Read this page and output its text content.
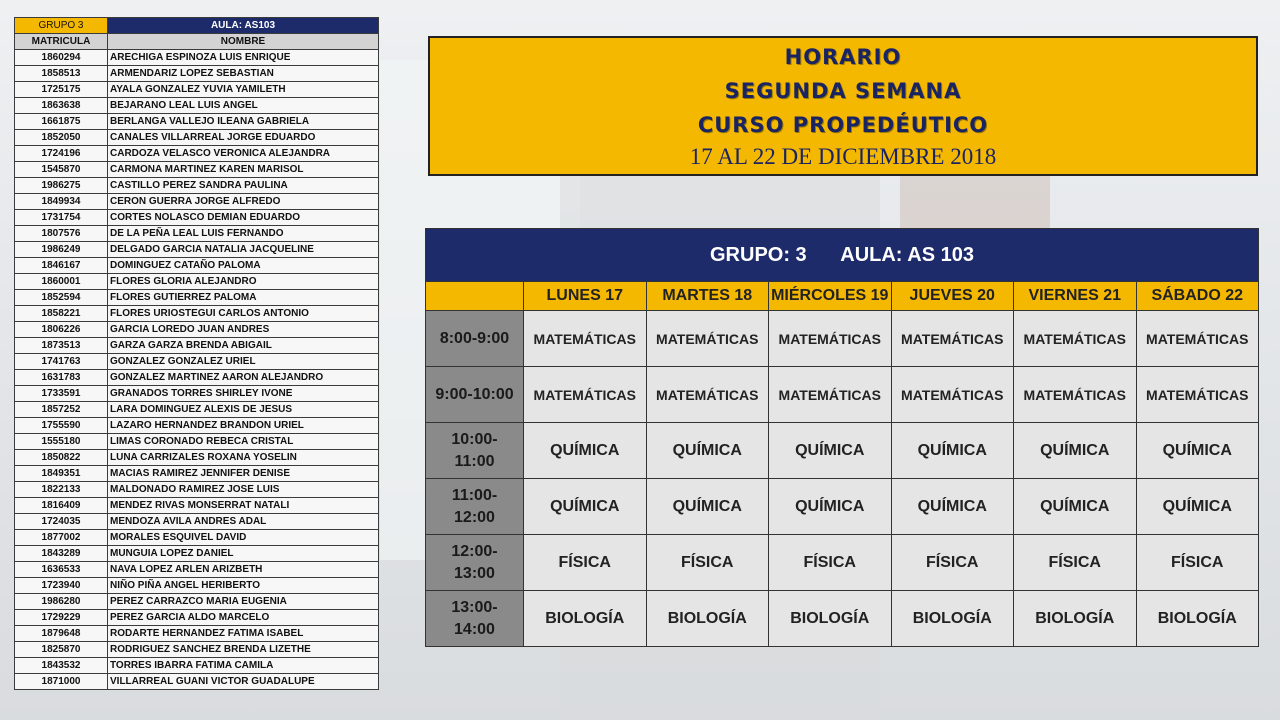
GRUPO 3	AULA: AS103
MATRICULA	NOMBRE
1860294	ARECHIGA ESPINOZA LUIS ENRIQUE
1858513	ARMENDARIZ LOPEZ SEBASTIAN
1725175	AYALA GONZALEZ YUVIA YAMILETH
1863638	BEJARANO LEAL LUIS ANGEL
1661875	BERLANGA VALLEJO ILEANA GABRIELA
1852050	CANALES VILLARREAL JORGE EDUARDO
1724196	CARDOZA VELASCO VERONICA ALEJANDRA
1545870	CARMONA MARTINEZ KAREN MARISOL
1986275	CASTILLO PEREZ SANDRA PAULINA
1849934	CERON GUERRA JORGE ALFREDO
1731754	CORTES NOLASCO DEMIAN EDUARDO
1807576	DE LA PEÑA LEAL LUIS FERNANDO
1986249	DELGADO GARCIA NATALIA JACQUELINE
1846167	DOMINGUEZ CATAÑO PALOMA
1860001	FLORES GLORIA ALEJANDRO
1852594	FLORES GUTIERREZ PALOMA
1858221	FLORES URIOSTEGUI CARLOS ANTONIO
1806226	GARCIA LOREDO JUAN ANDRES
1873513	GARZA GARZA BRENDA ABIGAIL
1741763	GONZALEZ GONZALEZ URIEL
1631783	GONZALEZ MARTINEZ AARON ALEJANDRO
1733591	GRANADOS TORRES SHIRLEY IVONE
1857252	LARA DOMINGUEZ ALEXIS DE JESUS
1755590	LAZARO HERNANDEZ BRANDON URIEL
1555180	LIMAS CORONADO REBECA CRISTAL
1850822	LUNA CARRIZALES ROXANA YOSELIN
1849351	MACIAS RAMIREZ JENNIFER DENISE
1822133	MALDONADO RAMIREZ JOSE LUIS
1816409	MENDEZ RIVAS MONSERRAT NATALI
1724035	MENDOZA AVILA ANDRES ADAL
1877002	MORALES ESQUIVEL DAVID
1843289	MUNGUIA LOPEZ DANIEL
1636533	NAVA LOPEZ ARLEN ARIZBETH
1723940	NIÑO PIÑA ANGEL HERIBERTO
1986280	PEREZ CARRAZCO MARIA EUGENIA
1729229	PEREZ GARCIA ALDO MARCELO
1879648	RODARTE HERNANDEZ FATIMA ISABEL
1825870	RODRIGUEZ SANCHEZ BRENDA LIZETHE
1843532	TORRES IBARRA FATIMA CAMILA
1871000	VILLARREAL GUANI VICTOR GUADALUPE
HORARIO
SEGUNDA SEMANA
CURSO PROPEDÉUTICO
17 AL 22 DE DICIEMBRE 2018
GRUPO: 3 AULA: AS 103						
	LUNES 17	MARTES 18	MIÉRCOLES 19	JUEVES 20	VIERNES 21	SÁBADO 22
8:00-9:00	MATEMÁTICAS	MATEMÁTICAS	MATEMÁTICAS	MATEMÁTICAS	MATEMÁTICAS	MATEMÁTICAS
9:00-10:00	MATEMÁTICAS	MATEMÁTICAS	MATEMÁTICAS	MATEMÁTICAS	MATEMÁTICAS	MATEMÁTICAS
10:00-
11:00	QUÍMICA	QUÍMICA	QUÍMICA	QUÍMICA	QUÍMICA	QUÍMICA
11:00-
12:00	QUÍMICA	QUÍMICA	QUÍMICA	QUÍMICA	QUÍMICA	QUÍMICA
12:00-
13:00	FÍSICA	FÍSICA	FÍSICA	FÍSICA	FÍSICA	FÍSICA
13:00-
14:00	BIOLOGÍA	BIOLOGÍA	BIOLOGÍA	BIOLOGÍA	BIOLOGÍA	BIOLOGÍA
